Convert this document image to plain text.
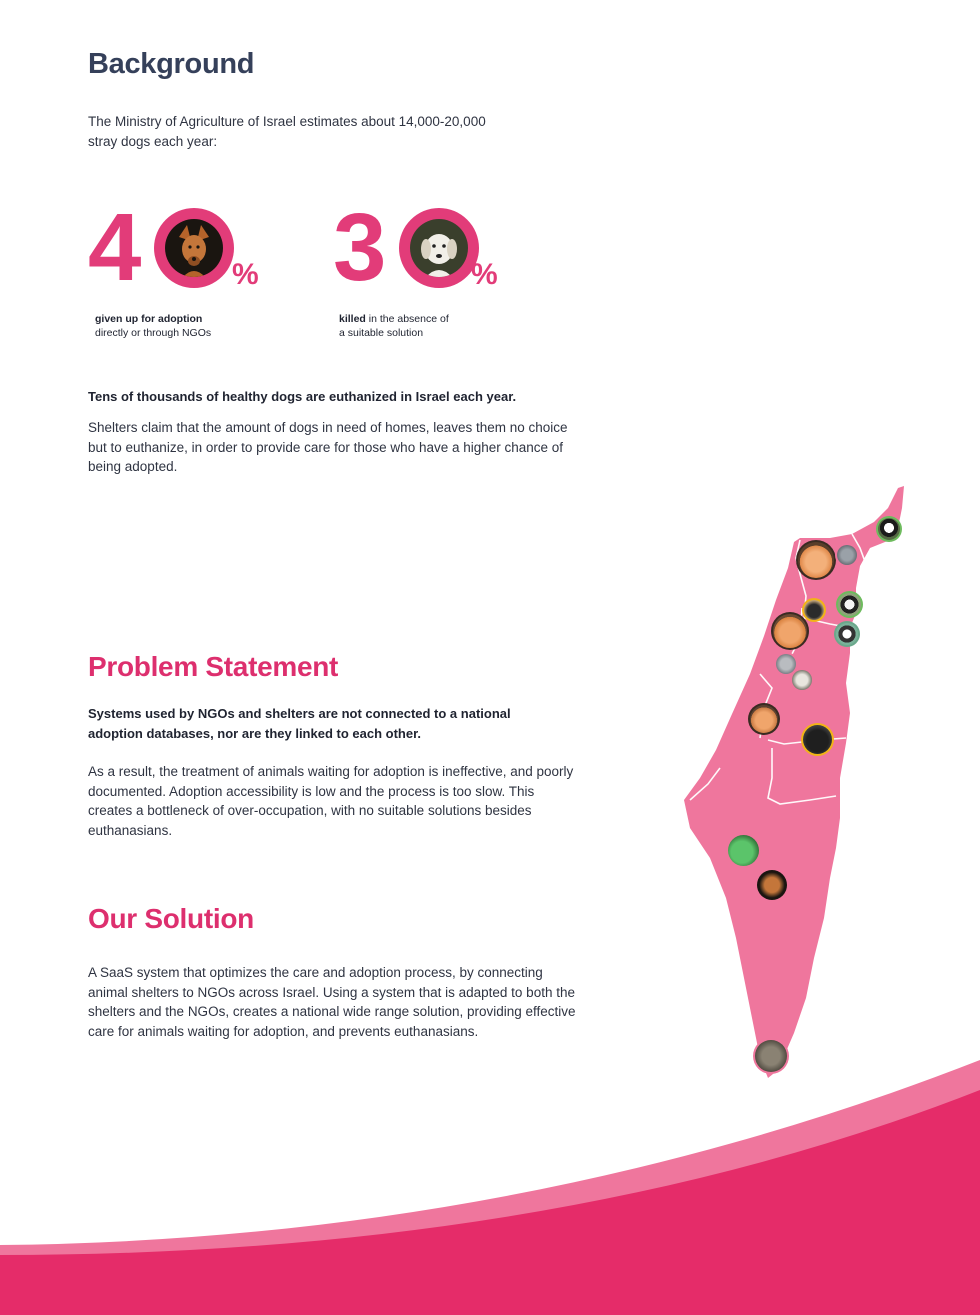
Background

The Ministry of Agriculture of Israel estimates about 14,000-20,000 stray dogs each year:

4	%
given up for adoption
directly or through NGOs
3	%
killed in the absence of
a suitable solution

Tens of thousands of healthy dogs are euthanized in Israel each year.

Shelters claim that the amount of dogs in need of homes, leaves them no choice but to euthanize, in order to provide care for those who have a higher chance of being adopted.

Problem Statement

Systems used by NGOs and shelters are not connected to a national adoption databases, nor are they linked to each other.

As a result, the treatment of animals waiting for adoption is ineffective, and poorly documented. Adoption accessibility is low and the process is too slow. This creates a bottleneck of over-occupation, with no suitable solutions besides euthanasians.

Our Solution

A SaaS system that optimizes the care and adoption process, by connecting animal shelters to NGOs across Israel. Using a system that is adapted to both the shelters and the NGOs, creates a national wide range solution, providing effective care for animals waiting for adoption, and prevents euthanasians.
